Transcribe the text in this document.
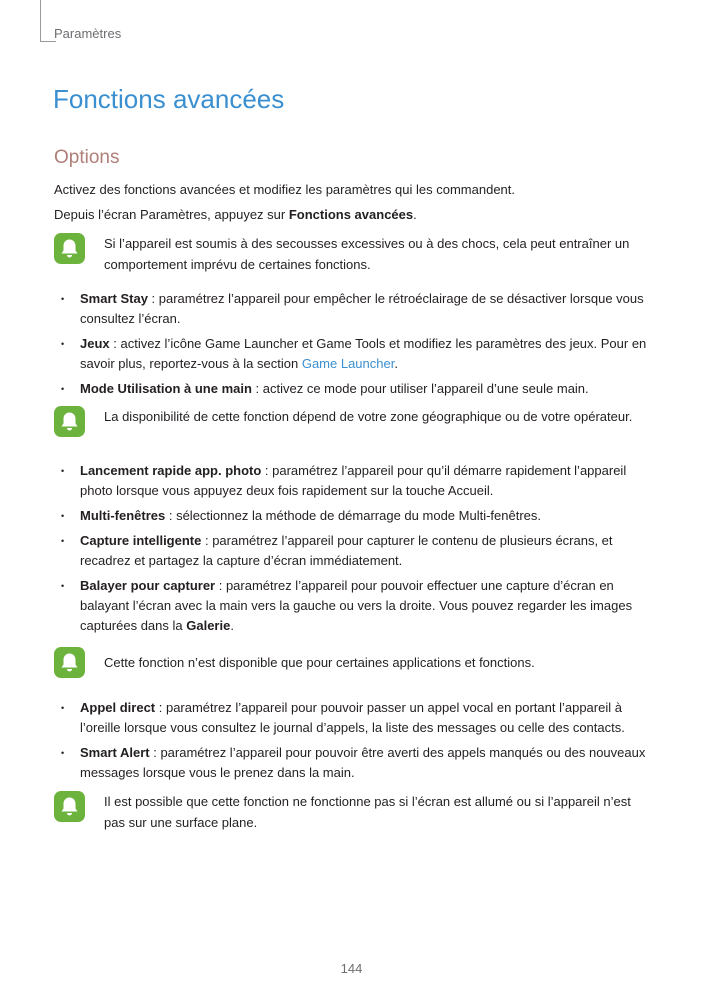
Paramètres
Fonctions avancées
Options

Activez des fonctions avancées et modifiez les paramètres qui les commandent.

Depuis l’écran Paramètres, appuyez sur Fonctions avancées.

Si l’appareil est soumis à des secousses excessives ou à des chocs, cela peut entraîner un comportement imprévu de certaines fonctions.

• Smart Stay : paramétrez l’appareil pour empêcher le rétroéclairage de se désactiver lorsque vous consultez l’écran.
• Jeux : activez l’icône Game Launcher et Game Tools et modifiez les paramètres des jeux. Pour en savoir plus, reportez-vous à la section Game Launcher.
• Mode Utilisation à une main : activez ce mode pour utiliser l’appareil d’une seule main.

La disponibilité de cette fonction dépend de votre zone géographique ou de votre opérateur.

• Lancement rapide app. photo : paramétrez l’appareil pour qu’il démarre rapidement l’appareil photo lorsque vous appuyez deux fois rapidement sur la touche Accueil.
• Multi-fenêtres : sélectionnez la méthode de démarrage du mode Multi-fenêtres.
• Capture intelligente : paramétrez l’appareil pour capturer le contenu de plusieurs écrans, et recadrez et partagez la capture d’écran immédiatement.
• Balayer pour capturer : paramétrez l’appareil pour pouvoir effectuer une capture d’écran en balayant l’écran avec la main vers la gauche ou vers la droite. Vous pouvez regarder les images capturées dans la Galerie.

Cette fonction n’est disponible que pour certaines applications et fonctions.

• Appel direct : paramétrez l’appareil pour pouvoir passer un appel vocal en portant l’appareil à l’oreille lorsque vous consultez le journal d’appels, la liste des messages ou celle des contacts.
• Smart Alert : paramétrez l’appareil pour pouvoir être averti des appels manqués ou des nouveaux messages lorsque vous le prenez dans la main.

Il est possible que cette fonction ne fonctionne pas si l’écran est allumé ou si l’appareil n’est pas sur une surface plane.

144
